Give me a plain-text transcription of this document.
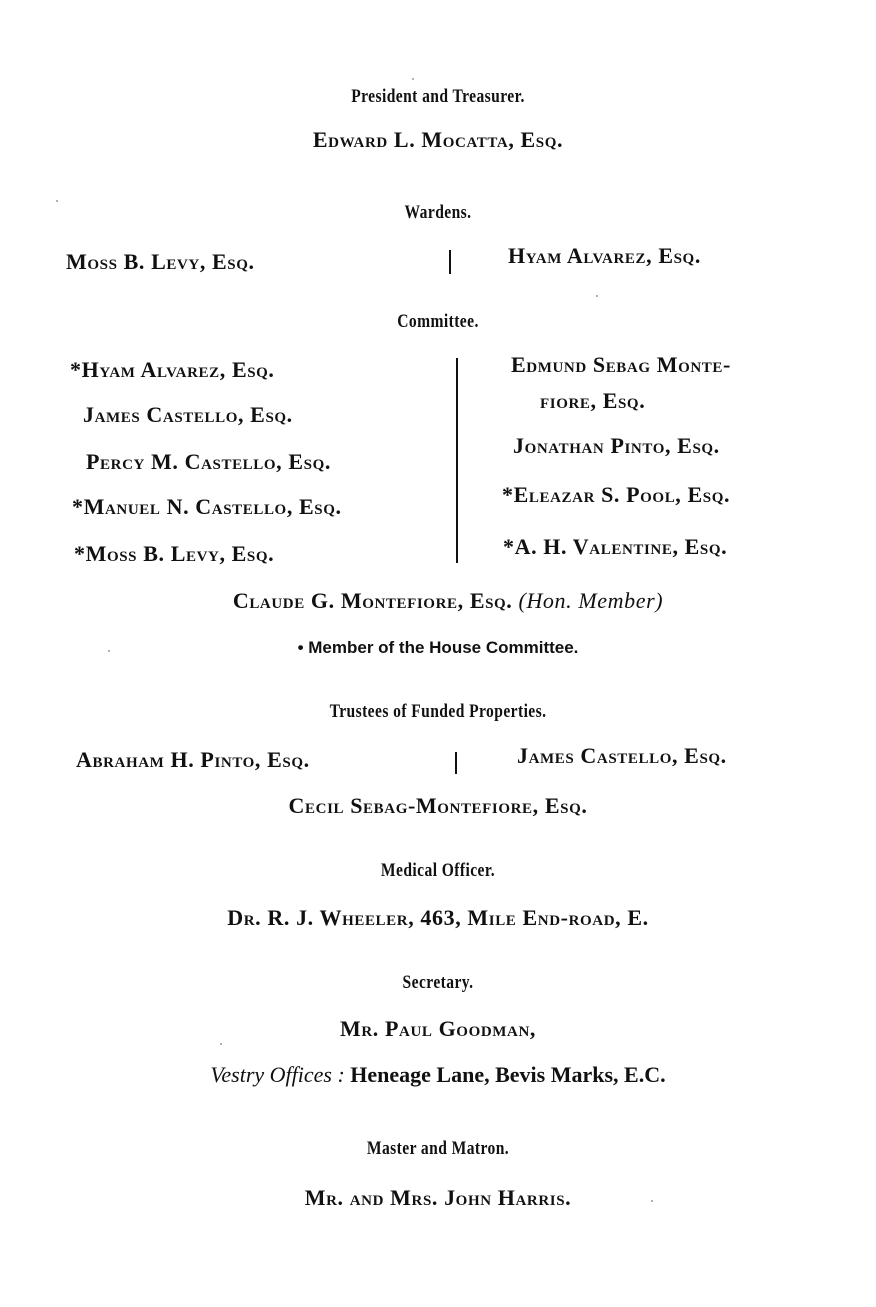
President and Treasurer.
Edward L. Mocatta, Esq.
Wardens.
Moss B. Levy, Esq.	Hyam Alvarez, Esq.
Committee.
*Hyam Alvarez, Esq.
James Castello, Esq.
Percy M. Castello, Esq.
*Manuel N. Castello, Esq.
*Moss B. Levy, Esq.
Edmund Sebag Monte-
fiore, Esq.
Jonathan Pinto, Esq.
*Eleazar S. Pool, Esq.
*A. H. Valentine, Esq.
Claude G. Montefiore, Esq. (Hon. Member)
• Member of the House Committee.
Trustees of Funded Properties.
Abraham H. Pinto, Esq.	James Castello, Esq.
Cecil Sebag-Montefiore, Esq.
Medical Officer.
Dr. R. J. Wheeler, 463, Mile End-road, E.
Secretary.
Mr. Paul Goodman,
Vestry Offices : Heneage Lane, Bevis Marks, E.C.
Master and Matron.
Mr. and Mrs. John Harris.
